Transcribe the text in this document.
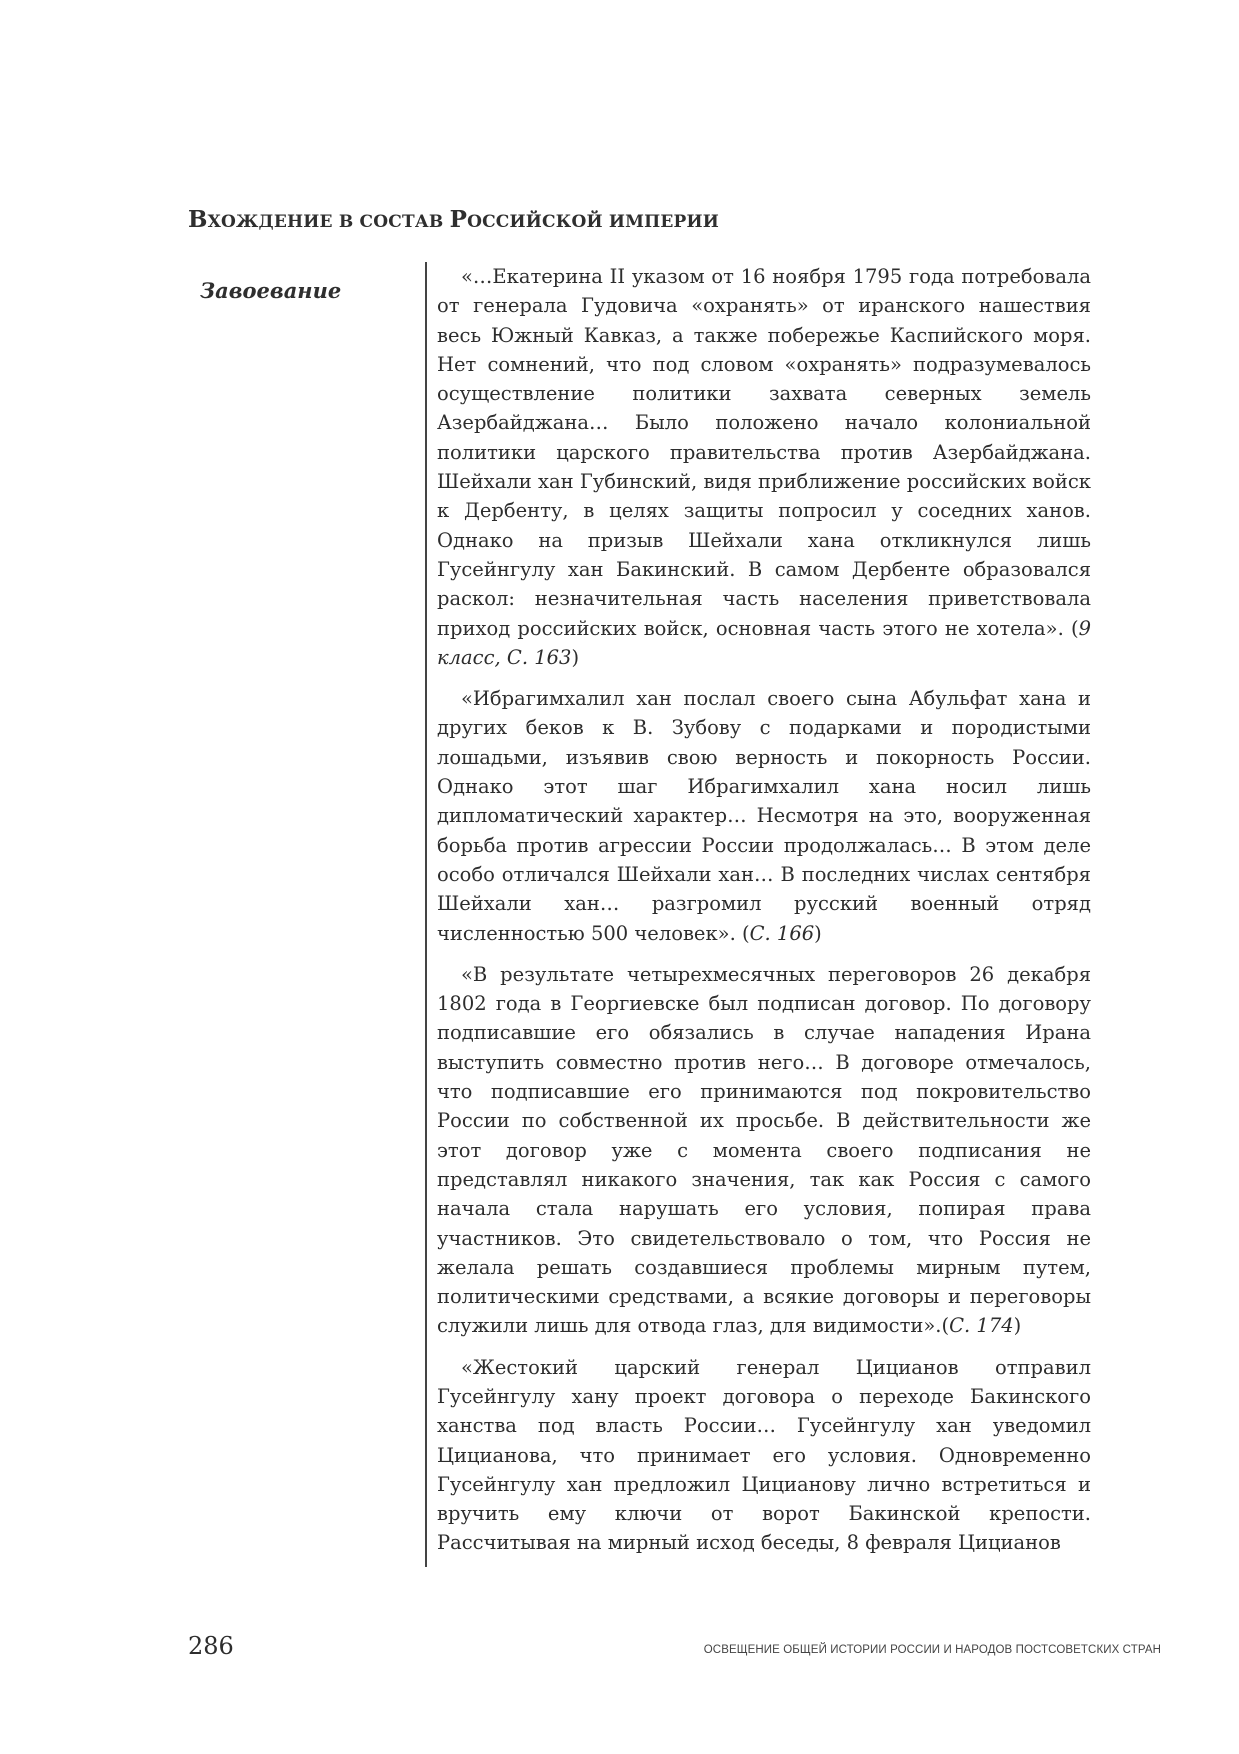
ВХОЖДЕНИЕ В СОСТАВ РОССИЙСКОЙ ИМПЕРИИ
Завоевание

«…Екатерина II указом от 16 ноября 1795 года потребовала от генерала Гудовича «охранять» от иранского нашествия весь Южный Кавказ, а также побережье Каспийского моря. Нет сомнений, что под словом «охранять» подразумевалось осуществление политики захвата северных земель Азербайджана… Было положено начало колониальной политики царского правительства против Азербайджана. Шейхали хан Губинский, видя приближение российских войск к Дербенту, в целях защиты попросил у соседних ханов. Однако на призыв Шейхали хана откликнулся лишь Гусейнгулу хан Бакинский. В самом Дербенте образовался раскол: незначительная часть населения приветствовала приход российских войск, основная часть этого не хотела». (9 класс, С. 163)

«Ибрагимхалил хан послал своего сына Абульфат хана и других беков к В. Зубову с подарками и породистыми лошадьми, изъявив свою верность и покорность России. Однако этот шаг Ибрагимхалил хана носил лишь дипломатический характер… Несмотря на это, вооруженная борьба против агрессии России продолжалась… В этом деле особо отличался Шейхали хан… В последних числах сентября Шейхали хан… разгромил русский военный отряд численностью 500 человек». (С. 166)

«В результате четырехмесячных переговоров 26 декабря 1802 года в Георгиевске был подписан договор. По договору подписавшие его обязались в случае нападения Ирана выступить совместно против него… В договоре отмечалось, что подписавшие его принимаются под покровительство России по собственной их просьбе. В действительности же этот договор уже с момента своего подписания не представлял никакого значения, так как Россия с самого начала стала нарушать его условия, попирая права участников. Это свидетельствовало о том, что Россия не желала решать создавшиеся проблемы мирным путем, политическими средствами, а всякие договоры и переговоры служили лишь для отвода глаз, для видимости».(С. 174)

«Жестокий царский генерал Цицианов отправил Гусейнгулу хану проект договора о переходе Бакинского ханства под власть России… Гусейнгулу хан уведомил Цицианова, что принимает его условия. Одновременно Гусейнгулу хан предложил Цицианову лично встретиться и вручить ему ключи от ворот Бакинской крепости. Рассчитывая на мирный исход беседы, 8 февраля Цицианов

286	ОСВЕЩЕНИЕ ОБЩЕЙ ИСТОРИИ РОССИИ И НАРОДОВ ПОСТСОВЕТСКИХ СТРАН
